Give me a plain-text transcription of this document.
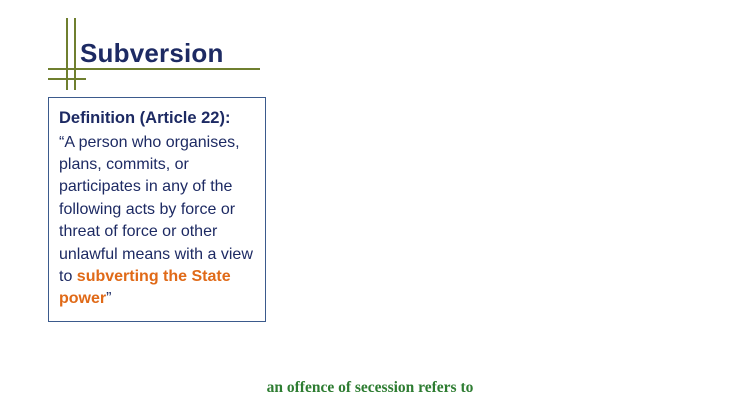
Subversion
Definition (Article 22):
“A person who organises, plans, commits, or participates in any of the following acts by force or threat of force or other unlawful means with a view to subverting the State power”
an offence of secession refers to
